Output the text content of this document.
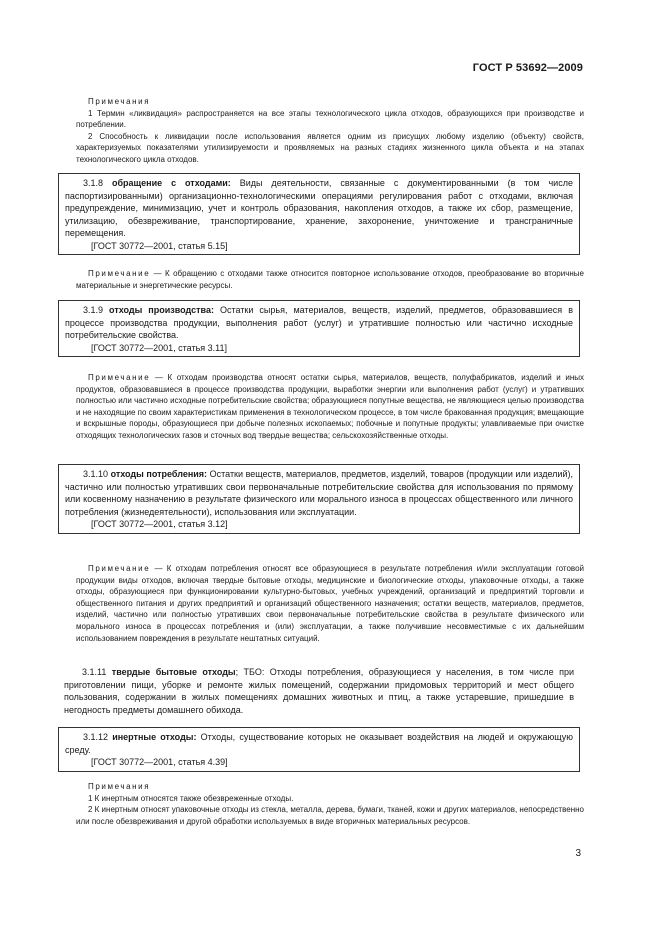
ГОСТ Р 53692—2009

Примечания

1 Термин «ликвидация» распространяется на все этапы технологического цикла отходов, образующихся при производстве и потреблении.

2 Способность к ликвидации после использования является одним из присущих любому изделию (объекту) свойств, характеризуемых показателями утилизируемости и проявляемых на разных стадиях жизненного цикла объекта и на этапах технологического цикла отходов.

3.1.8 обращение с отходами: Виды деятельности, связанные с документированными (в том числе паспортизированными) организационно-технологическими операциями регулирования работ с отходами, включая предупреждение, минимизацию, учет и контроль образования, накопления отходов, а также их сбор, размещение, утилизацию, обезвреживание, транспортирование, хранение, захоронение, уничтожение и трансграничные перемещения.

[ГОСТ 30772—2001, статья 5.15]

Примечание — К обращению с отходами также относится повторное использование отходов, преобразование во вторичные материальные и энергетические ресурсы.

3.1.9 отходы производства: Остатки сырья, материалов, веществ, изделий, предметов, образовавшиеся в процессе производства продукции, выполнения работ (услуг) и утратившие полностью или частично исходные потребительские свойства.

[ГОСТ 30772—2001, статья 3.11]

Примечание — К отходам производства относят остатки сырья, материалов, веществ, полуфабрикатов, изделий и иных продуктов, образовавшиеся в процессе производства продукции, выработки энергии или выполнения работ (услуг) и утративших полностью или частично исходные потребительские свойства; образующиеся попутные вещества, не являющиеся целью производства и не находящие по своим характеристикам применения в технологическом процессе, в том числе бракованная продукция; вмещающие и вскрышные породы, образующиеся при добыче полезных ископаемых; побочные и попутные продукты; улавливаемые при очистке отходящих технологических газов и сточных вод твердые вещества; сельскохозяйственные отходы.

3.1.10 отходы потребления: Остатки веществ, материалов, предметов, изделий, товаров (продукции или изделий), частично или полностью утративших свои первоначальные потребительские свойства для использования по прямому или косвенному назначению в результате физического или морального износа в процессах общественного или личного потребления (жизнедеятельности), использования или эксплуатации.

[ГОСТ 30772—2001, статья 3.12]

Примечание — К отходам потребления относят все образующиеся в результате потребления и/или эксплуатации готовой продукции виды отходов, включая твердые бытовые отходы, медицинские и биологические отходы, упаковочные отходы, а также отходы, образующиеся при функционировании культурно-бытовых, учебных учреждений, организаций и предприятий торговли и общественного питания и других предприятий и организаций общественного назначения; остатки веществ, материалов, предметов, изделий, частично или полностью утративших свои первоначальные потребительские свойства в результате физического или морального износа в процессах потребления и (или) эксплуатации, а также получившие несовместимые с их дальнейшим использованием повреждения в результате нештатных ситуаций.

3.1.11 твердые бытовые отходы; ТБО: Отходы потребления, образующиеся у населения, в том числе при приготовлении пищи, уборке и ремонте жилых помещений, содержании придомовых территорий и мест общего пользования, содержании в жилых помещениях домашних животных и птиц, а также устаревшие, пришедшие в негодность предметы домашнего обихода.

3.1.12 инертные отходы: Отходы, существование которых не оказывает воздействия на людей и окружающую среду.

[ГОСТ 30772—2001, статья 4.39]

Примечания

1 К инертным относятся также обезвреженные отходы.

2 К инертным относят упаковочные отходы из стекла, металла, дерева, бумаги, тканей, кожи и других материалов, непосредственно или после обезвреживания и другой обработки используемых в виде вторичных материальных ресурсов.

3
